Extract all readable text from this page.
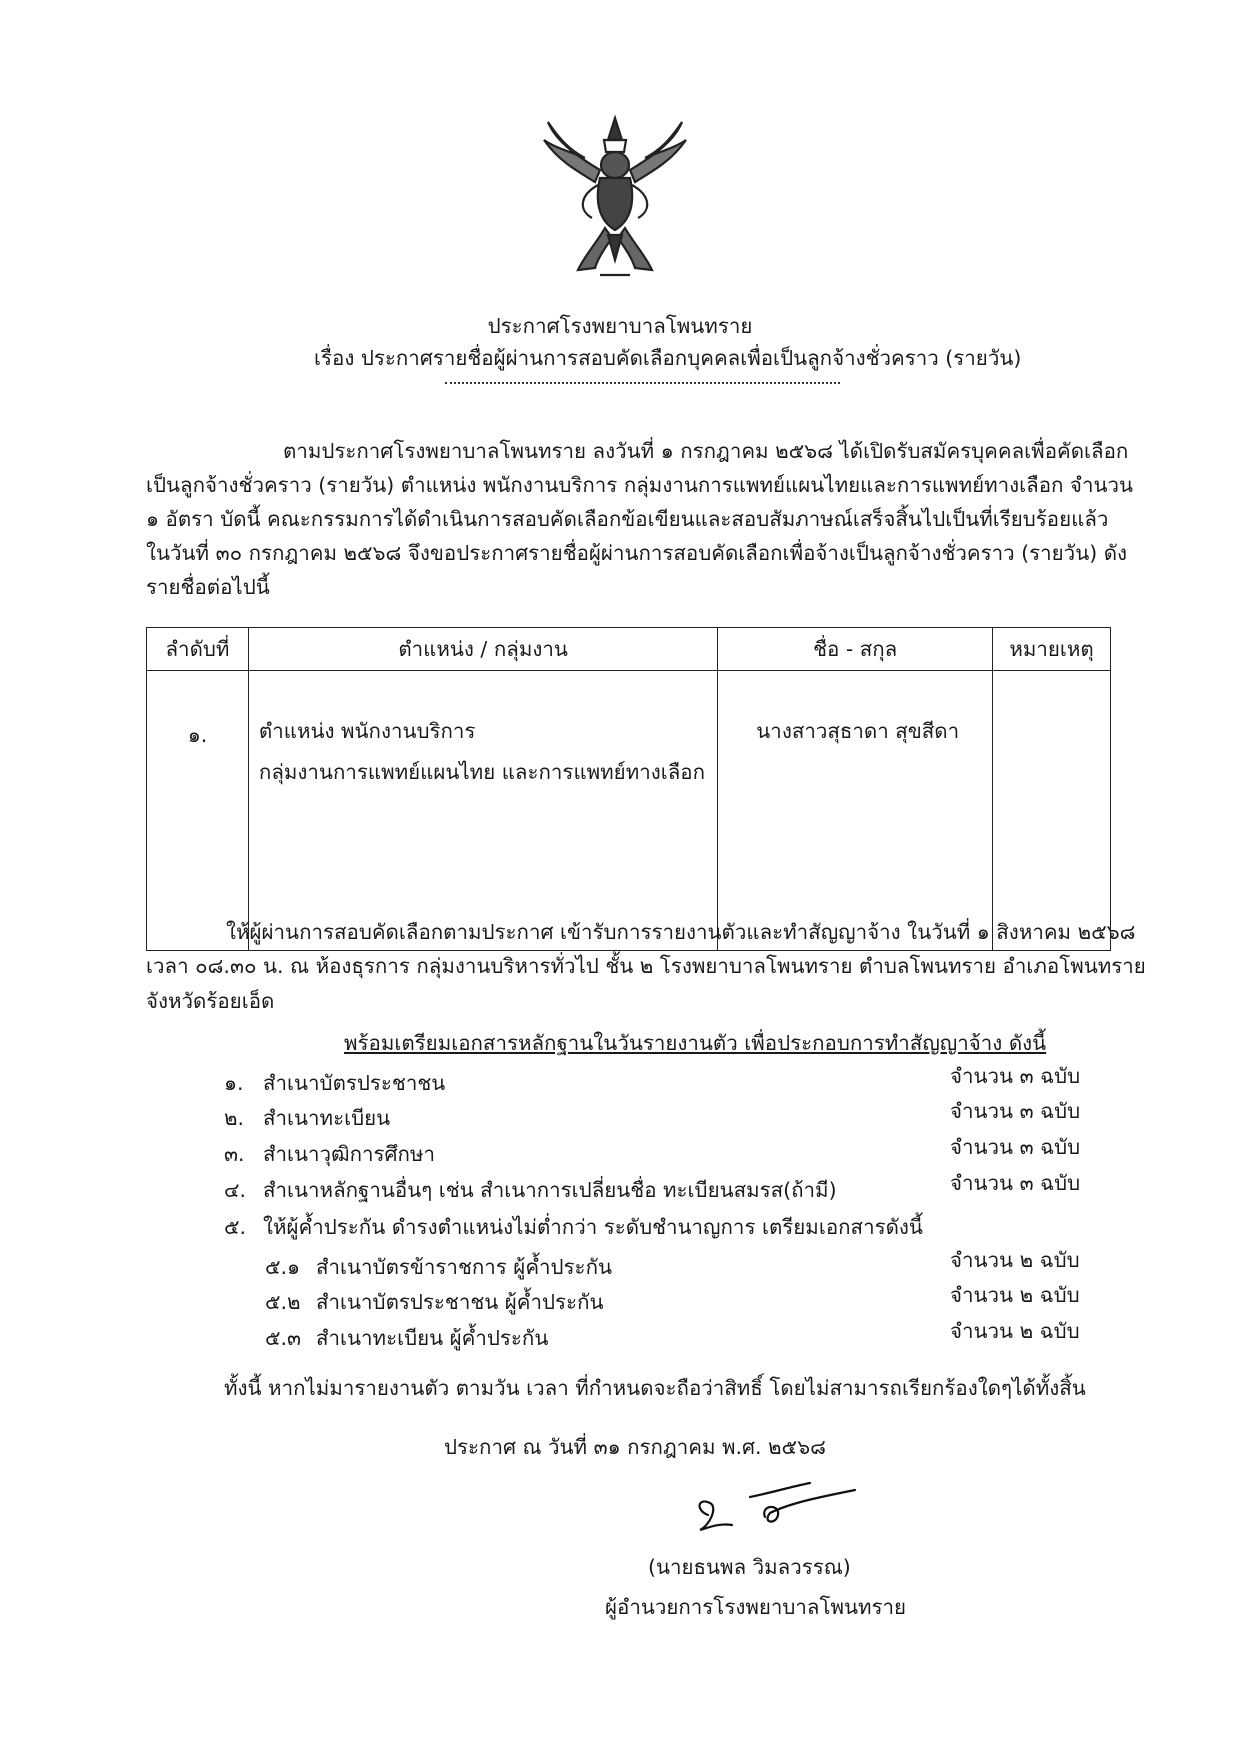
ประกาศโรงพยาบาลโพนทราย
เรื่อง ประกาศรายชื่อผู้ผ่านการสอบคัดเลือกบุคคลเพื่อเป็นลูกจ้างชั่วคราว (รายวัน)
ตามประกาศโรงพยาบาลโพนทราย ลงวันที่ ๑ กรกฎาคม ๒๕๖๘ ได้เปิดรับสมัครบุคคลเพื่อคัดเลือก
เป็นลูกจ้างชั่วคราว (รายวัน) ตำแหน่ง พนักงานบริการ กลุ่มงานการแพทย์แผนไทยและการแพทย์ทางเลือก จำนวน
๑ อัตรา บัดนี้ คณะกรรมการได้ดำเนินการสอบคัดเลือกข้อเขียนและสอบสัมภาษณ์เสร็จสิ้นไปเป็นที่เรียบร้อยแล้ว
ในวันที่ ๓๐ กรกฎาคม ๒๕๖๘ จึงขอประกาศรายชื่อผู้ผ่านการสอบคัดเลือกเพื่อจ้างเป็นลูกจ้างชั่วคราว (รายวัน) ดัง
รายชื่อต่อไปนี้
ลำดับที่	ตำแหน่ง / กลุ่มงาน	ชื่อ - สกุล	หมายเหตุ
๑.	ตำแหน่ง พนักงานบริการ
กลุ่มงานการแพทย์แผนไทย และการแพทย์ทางเลือก	นางสาวสุธาดา สุขสีดา	
ให้ผู้ผ่านการสอบคัดเลือกตามประกาศ เข้ารับการรายงานตัวและทำสัญญาจ้าง ในวันที่ ๑ สิงหาคม ๒๕๖๘
เวลา ๐๘.๓๐ น. ณ ห้องธุรการ กลุ่มงานบริหารทั่วไป ชั้น ๒ โรงพยาบาลโพนทราย ตำบลโพนทราย อำเภอโพนทราย
จังหวัดร้อยเอ็ด
พร้อมเตรียมเอกสารหลักฐานในวันรายงานตัว เพื่อประกอบการทำสัญญาจ้าง ดังนี้
๑. สำเนาบัตรประชาชน	จำนวน ๓ ฉบับ
๒. สำเนาทะเบียน	จำนวน ๓ ฉบับ
๓. สำเนาวุฒิการศึกษา	จำนวน ๓ ฉบับ
๔. สำเนาหลักฐานอื่นๆ เช่น สำเนาการเปลี่ยนชื่อ ทะเบียนสมรส(ถ้ามี)	จำนวน ๓ ฉบับ
๕. ให้ผู้ค้ำประกัน ดำรงตำแหน่งไม่ต่ำกว่า ระดับชำนาญการ เตรียมเอกสารดังนี้
๕.๑ สำเนาบัตรข้าราชการ ผู้ค้ำประกัน	จำนวน ๒ ฉบับ
๕.๒ สำเนาบัตรประชาชน ผู้ค้ำประกัน	จำนวน ๒ ฉบับ
๕.๓ สำเนาทะเบียน ผู้ค้ำประกัน	จำนวน ๒ ฉบับ
ทั้งนี้ หากไม่มารายงานตัว ตามวัน เวลา ที่กำหนดจะถือว่าสิทธิ์ โดยไม่สามารถเรียกร้องใดๆได้ทั้งสิ้น
ประกาศ ณ วันที่ ๓๑ กรกฎาคม พ.ศ. ๒๕๖๘
(นายธนพล วิมลวรรณ)
ผู้อำนวยการโรงพยาบาลโพนทราย
